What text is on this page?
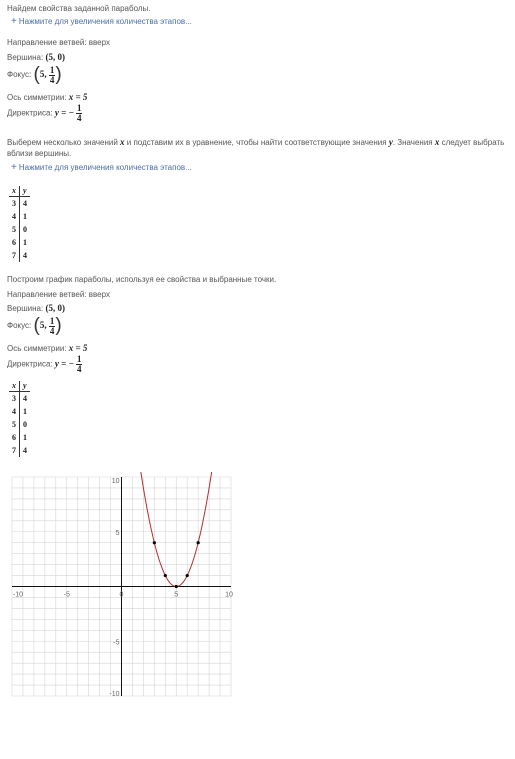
Найдем свойства заданной параболы.
+ Нажмите для увеличения количества этапов...
Направление ветвей: вверх
Вершина: (5, 0)
Фокус: (5, $\frac{1}{4}$ )
Ось симметрии: x = 5
Директриса: y = − $\frac{1}{4}$
Выберем несколько значений x и подставим их в уравнение, чтобы найти соответствующие значения y. Значения x следует выбрать
вблизи вершины.
+ Нажмите для увеличения количества этапов...
x	y
3	4
4	1
5	0
6	1
7	4
Построим график параболы, используя ее свойства и выбранные точки.
Направление ветвей: вверх
Вершина: (5, 0)
Фокус: (5, $\frac{1}{4}$ )
Ось симметрии: x = 5
Директриса: y = − $\frac{1}{4}$
x	y
3	4
4	1
5	0
6	1
7	4
-10	-5	0	5	10
10
5
-5
-10
